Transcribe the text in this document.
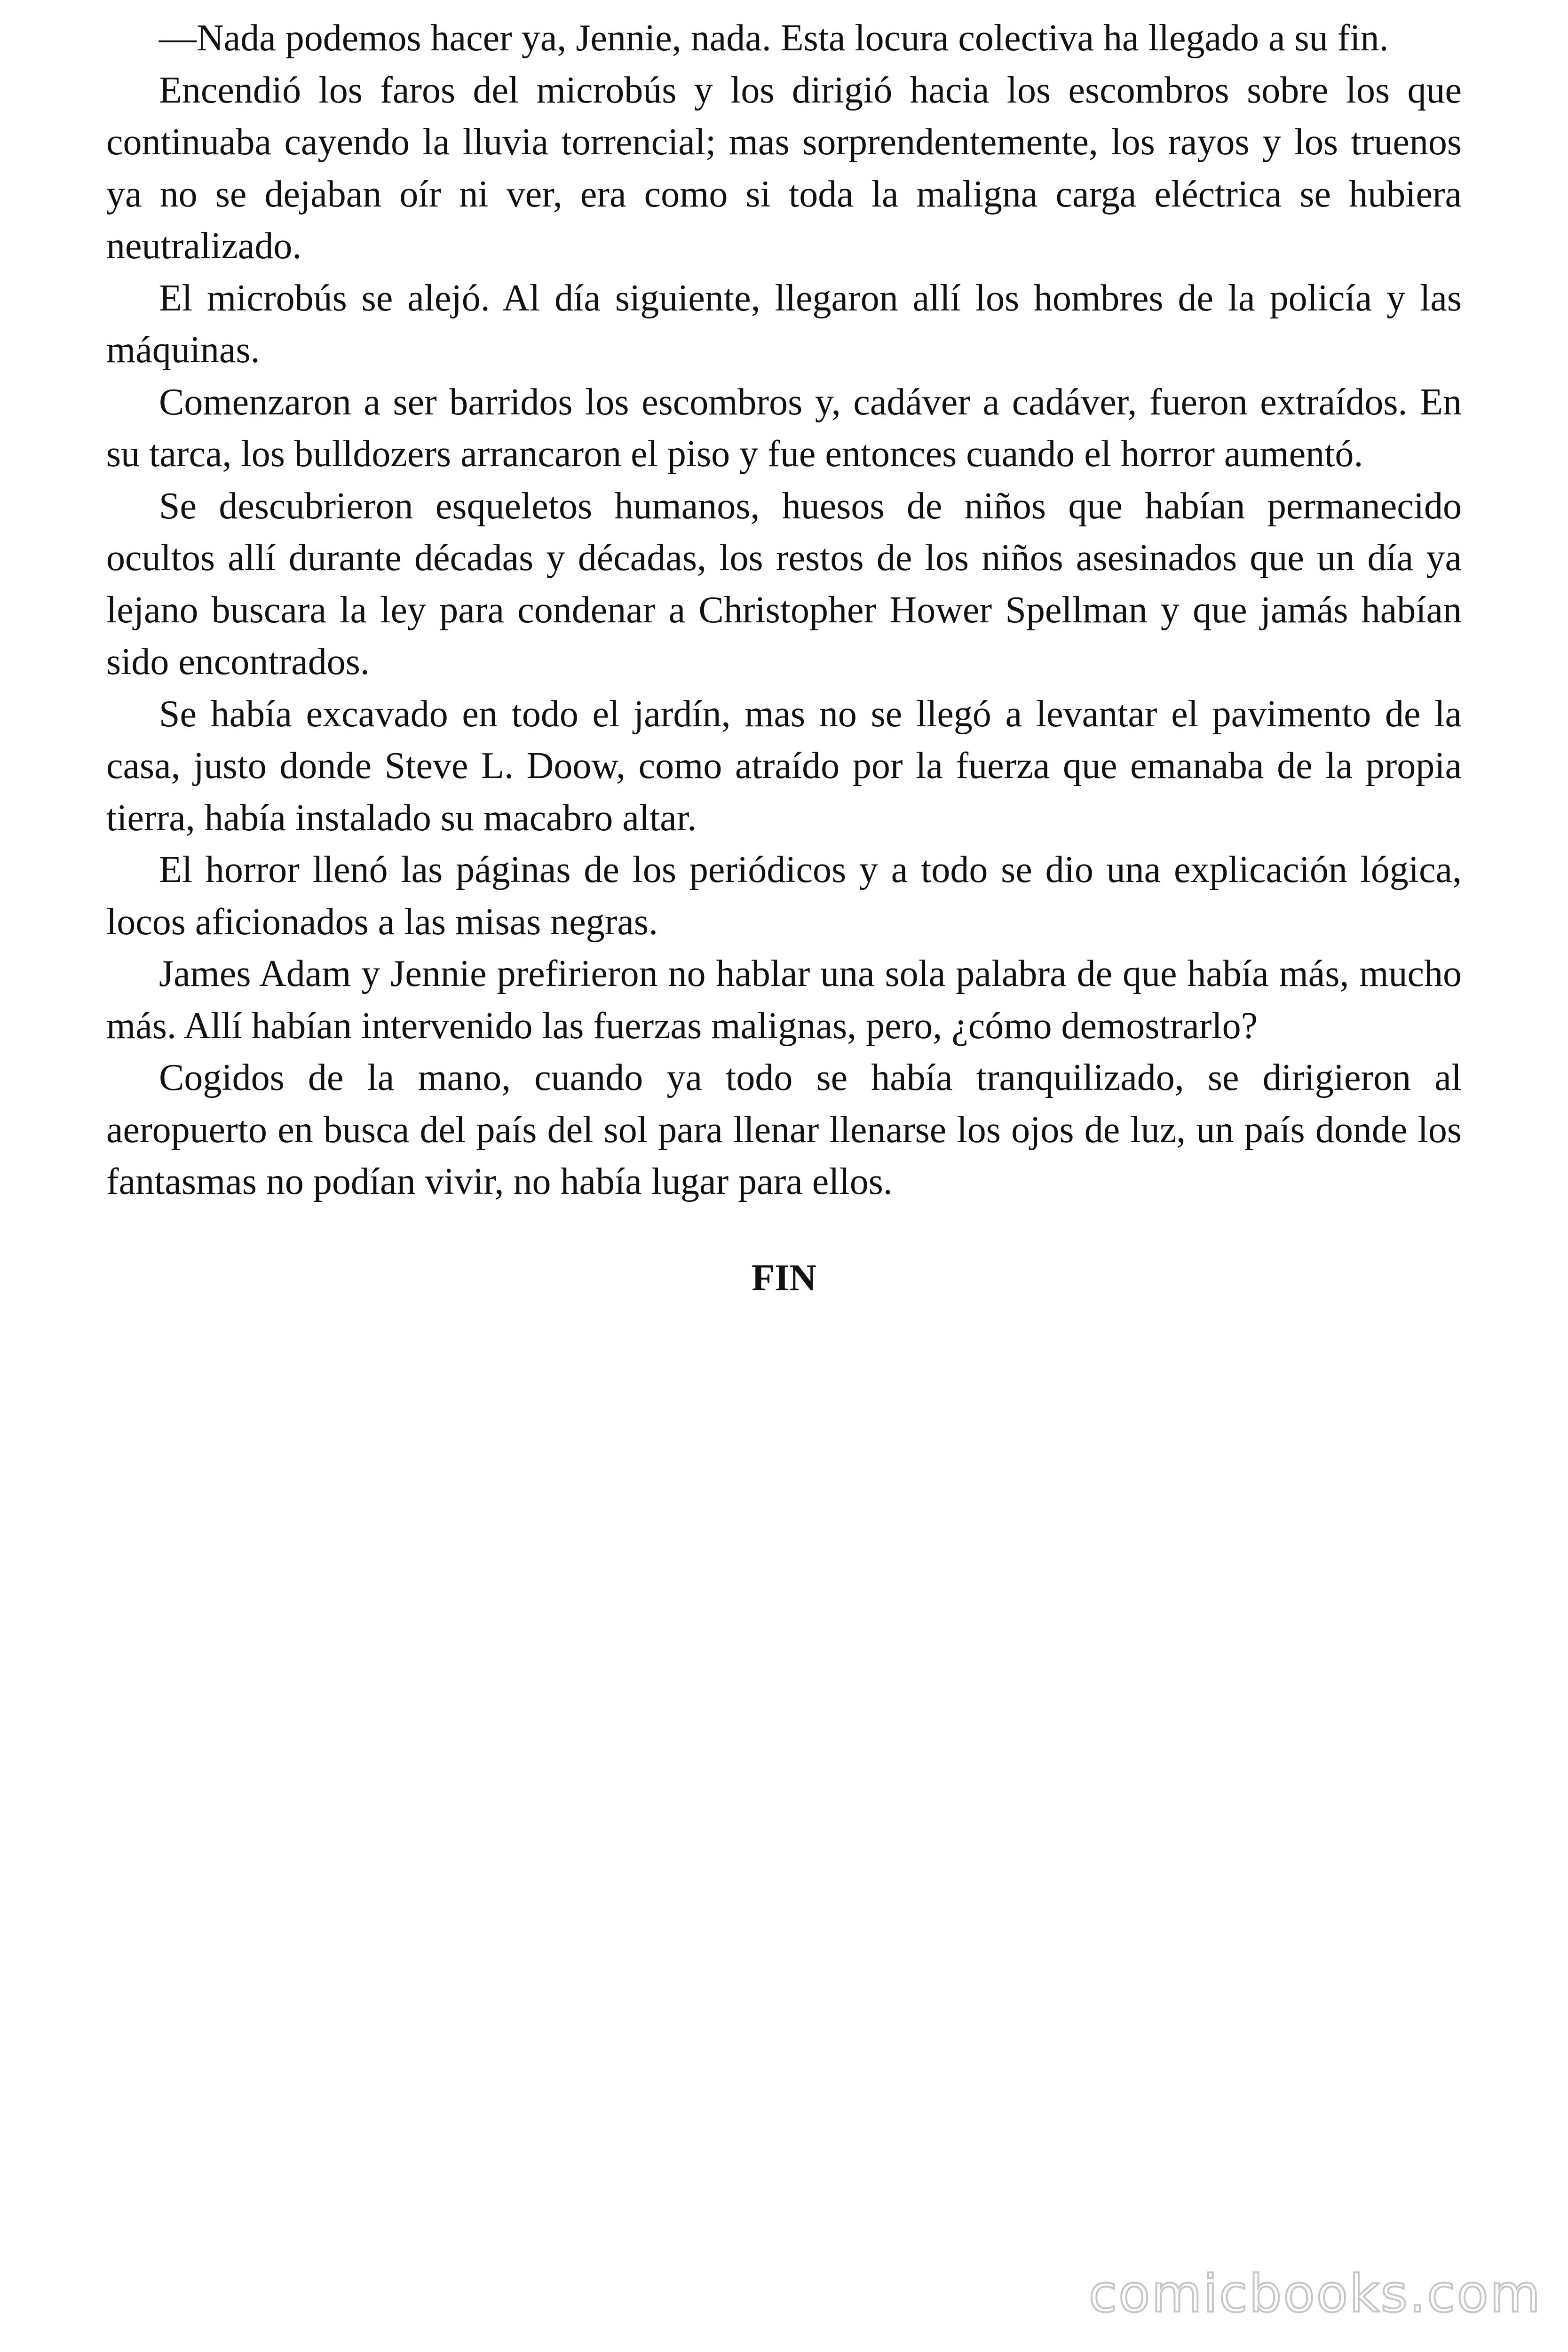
—Nada podemos hacer ya, Jennie, nada. Esta locura colectiva ha llegado a su fin.

Encendió los faros del microbús y los dirigió hacia los escombros sobre los que continuaba cayendo la lluvia torrencial; mas sorprendentemente, los rayos y los truenos ya no se dejaban oír ni ver, era como si toda la maligna carga eléctrica se hubiera neutralizado.

El microbús se alejó. Al día siguiente, llegaron allí los hombres de la policía y las máquinas.

Comenzaron a ser barridos los escombros y, cadáver a cadáver, fueron extraídos. En su tarca, los bulldozers arrancaron el piso y fue entonces cuando el horror aumentó.

Se descubrieron esqueletos humanos, huesos de niños que habían permanecido ocultos allí durante décadas y décadas, los restos de los niños asesinados que un día ya lejano buscara la ley para condenar a Christopher Hower Spellman y que jamás habían sido encontrados.

Se había excavado en todo el jardín, mas no se llegó a levantar el pavimento de la casa, justo donde Steve L. Doow, como atraído por la fuerza que emanaba de la propia tierra, había instalado su macabro altar.

El horror llenó las páginas de los periódicos y a todo se dio una explicación lógica, locos aficionados a las misas negras.

James Adam y Jennie prefirieron no hablar una sola palabra de que había más, mucho más. Allí habían intervenido las fuerzas malignas, pero, ¿cómo demostrarlo?

Cogidos de la mano, cuando ya todo se había tranquilizado, se dirigieron al aeropuerto en busca del país del sol para llenar llenarse los ojos de luz, un país donde los fantasmas no podían vivir, no había lugar para ellos.

FIN
comicbooks.com
